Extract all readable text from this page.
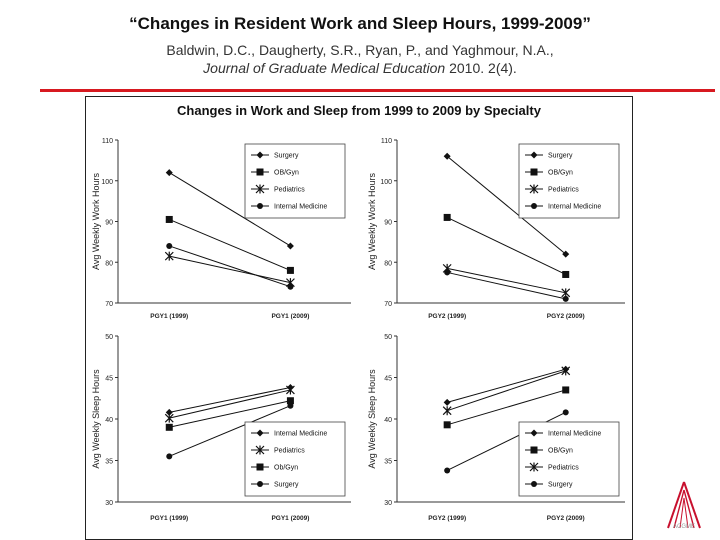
“Changes in Resident Work and Sleep Hours, 1999-2009”
Baldwin, D.C., Daugherty, S.R., Ryan, P., and Yaghmour, N.A.,
Journal of Graduate Medical Education 2010. 2(4).
Changes in Work and Sleep from 1999 to 2009 by Specialty
70
80
90
100
110
Avg Weekly Work Hours
PGY1 (1999)	PGY1 (2009)
Surgery
OB/Gyn
Pediatrics
Internal Medicine
70
80
90
100
110
Avg Weekly Work Hours
PGY2 (1999)	PGY2 (2009)
Surgery
OB/Gyn
Pediatrics
Internal Medicine
30
35
40
45
50
Avg Weekly Sleep Hours
PGY1 (1999)	PGY1 (2009)
Internal Medicine
Pediatrics
Ob/Gyn
Surgery
30
35
40
45
50
Avg Weekly Sleep Hours
PGY2 (1999)	PGY2 (2009)
Internal Medicine
OB/Gyn
Pediatrics
Surgery
ACGME
